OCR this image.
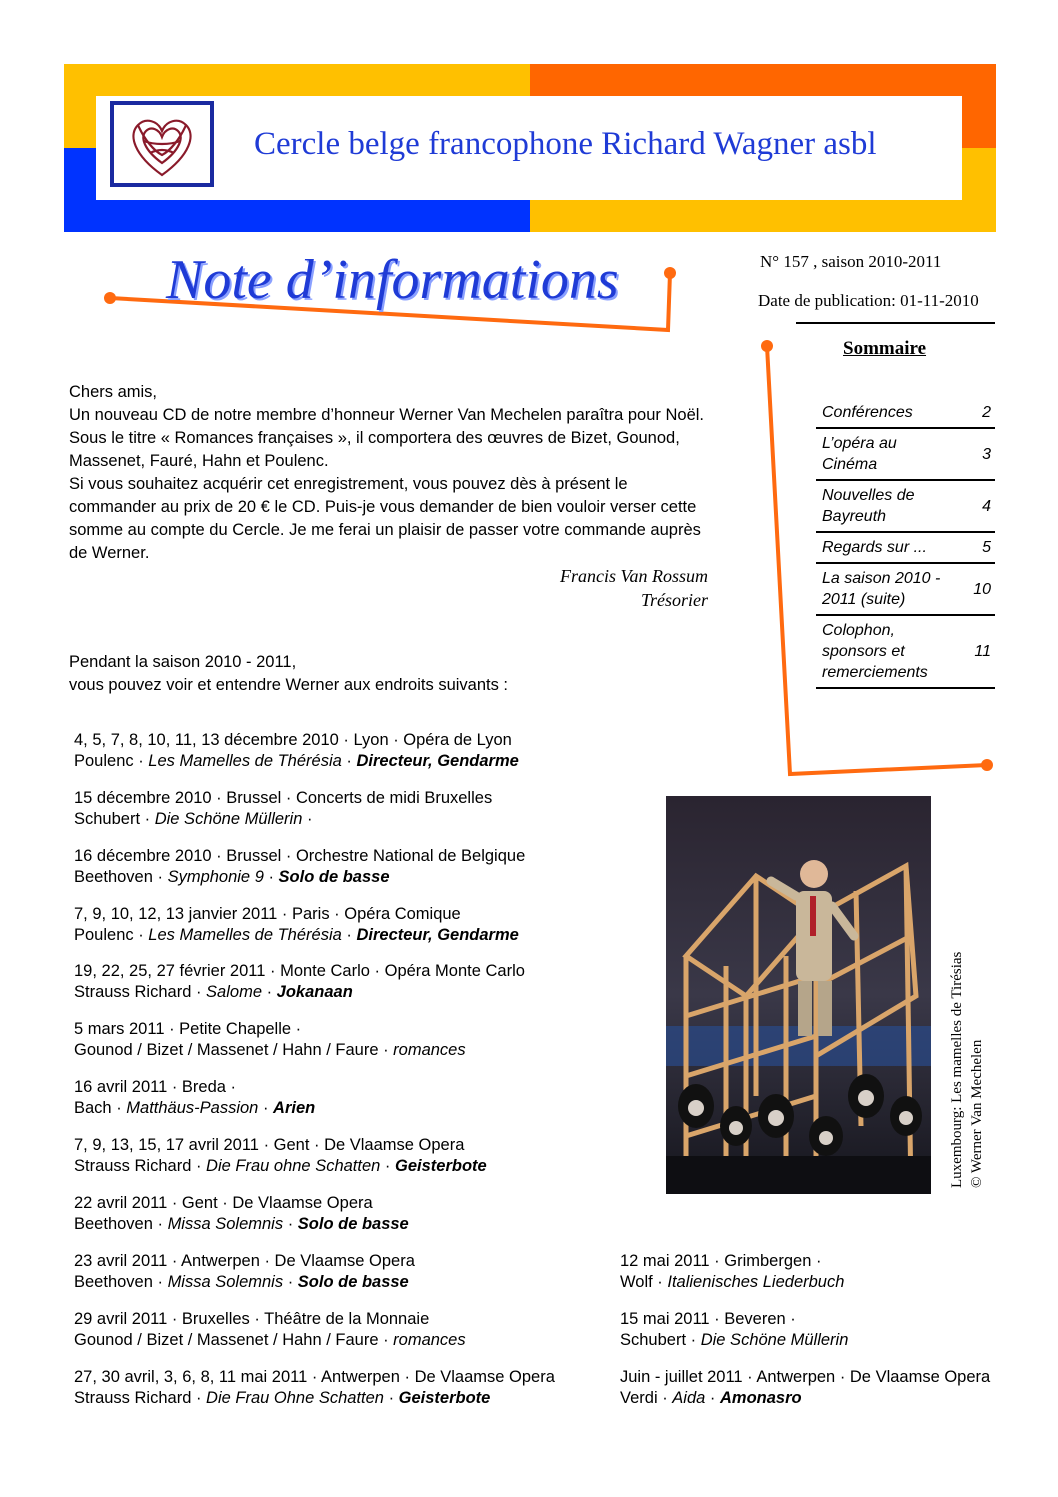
Cercle belge francophone Richard Wagner asbl
Note d’informations	N° 157 , saison 2010-2011
Date de publication: 01-11-2010
Sommaire
Conférences	2
L’opéra au Cinéma	3
Nouvelles de Bayreuth	4
Regards sur ...	5
La saison 2010 - 2011 (suite)	10
Colophon, sponsors et remerciements	11

Chers amis,

Un nouveau CD de notre membre d’honneur Werner Van Mechelen paraîtra pour Noël. Sous le titre « Romances françaises », il comportera des œuvres de Bizet, Gounod, Massenet, Fauré, Hahn et Poulenc.

Si vous souhaitez acquérir cet enregistrement, vous pouvez dès à présent le commander au prix de 20 € le CD. Puis-je vous demander de bien vouloir verser cette somme au compte du Cercle. Je me ferai un plaisir de passer votre commande auprès de Werner.

Francis Van Rossum
Trésorier
Pendant la saison 2010 - 2011,
vous pouvez voir et entendre Werner aux endroits suivants :
4, 5, 7, 8, 10, 11, 13 décembre 2010 · Lyon · Opéra de Lyon
Poulenc · Les Mamelles de Thérésia · Directeur, Gendarme
15 décembre 2010 · Brussel · Concerts de midi Bruxelles
Schubert · Die Schöne Müllerin ·
16 décembre 2010 · Brussel · Orchestre National de Belgique
Beethoven · Symphonie 9 · Solo de basse
7, 9, 10, 12, 13 janvier 2011 · Paris · Opéra Comique
Poulenc · Les Mamelles de Thérésia · Directeur, Gendarme
19, 22, 25, 27 février 2011 · Monte Carlo · Opéra Monte Carlo
Strauss Richard · Salome · Jokanaan
5 mars 2011 · Petite Chapelle ·
Gounod / Bizet / Massenet / Hahn / Faure · romances
16 avril 2011 · Breda ·
Bach · Matthäus-Passion · Arien
7, 9, 13, 15, 17 avril 2011 · Gent · De Vlaamse Opera
Strauss Richard · Die Frau ohne Schatten · Geisterbote
22 avril 2011 · Gent · De Vlaamse Opera
Beethoven · Missa Solemnis · Solo de basse
23 avril 2011 · Antwerpen · De Vlaamse Opera
Beethoven · Missa Solemnis · Solo de basse
29 avril 2011 · Bruxelles · Théâtre de la Monnaie
Gounod / Bizet / Massenet / Hahn / Faure · romances
27, 30 avril, 3, 6, 8, 11 mai 2011 · Antwerpen · De Vlaamse Opera
Strauss Richard · Die Frau Ohne Schatten · Geisterbote
12 mai 2011 · Grimbergen ·
Wolf · Italienisches Liederbuch
15 mai 2011 · Beveren ·
Schubert · Die Schöne Müllerin
Juin - juillet 2011 · Antwerpen · De Vlaamse Opera
Verdi · Aida · Amonasro
Luxembourg: Les mamelles de Tirésias © Werner Van Mechelen
